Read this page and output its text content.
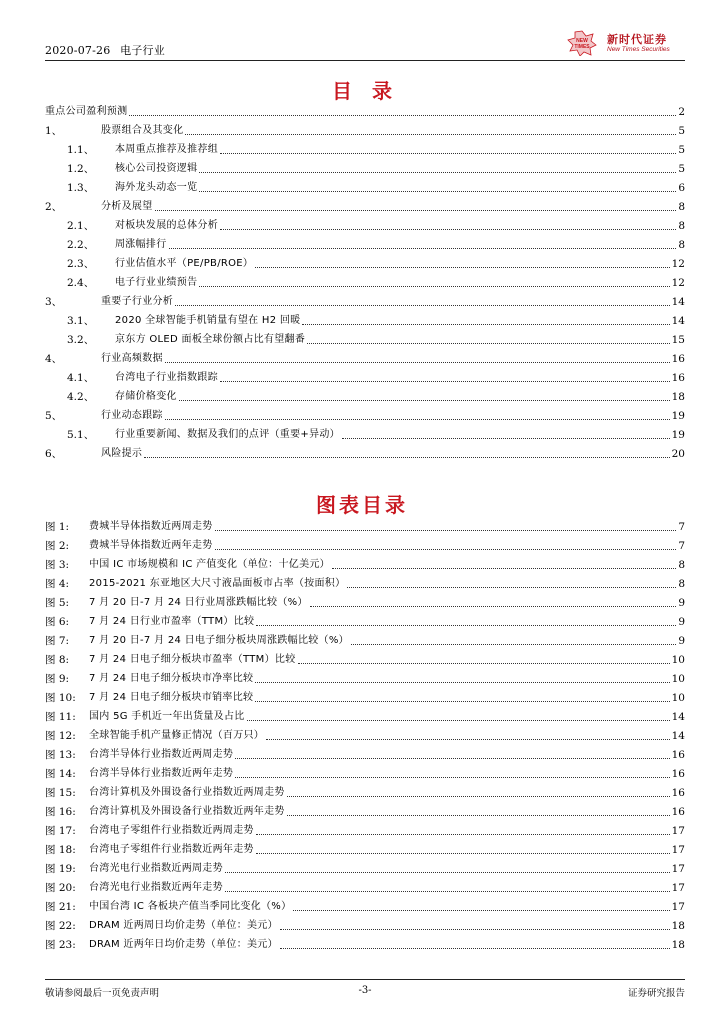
2020-07-26 电子行业
NEW
TIMES
新时代证券
New Times Securities
目录
重点公司盈利预测	2
1、	股票组合及其变化	5
1.1、	本周重点推荐及推荐组	5
1.2、	核心公司投资逻辑	5
1.3、	海外龙头动态一览	6
2、	分析及展望	8
2.1、	对板块发展的总体分析	8
2.2、	周涨幅排行	8
2.3、	行业估值水平（PE/PB/ROE）	12
2.4、	电子行业业绩预告	12
3、	重要子行业分析	14
3.1、	2020 全球智能手机销量有望在 H2 回暖	14
3.2、	京东方 OLED 面板全球份额占比有望翻番	15
4、	行业高频数据	16
4.1、	台湾电子行业指数跟踪	16
4.2、	存储价格变化	18
5、	行业动态跟踪	19
5.1、	行业重要新闻、数据及我们的点评（重要+异动）	19
6、	风险提示	20
图表目录
图 1:	费城半导体指数近两周走势	7
图 2:	费城半导体指数近两年走势	7
图 3:	中国 IC 市场规模和 IC 产值变化（单位：十亿美元）	8
图 4:	2015-2021 东亚地区大尺寸液晶面板市占率（按面积）	8
图 5:	7 月 20 日-7 月 24 日行业周涨跌幅比较（%）	9
图 6:	7 月 24 日行业市盈率（TTM）比较	9
图 7:	7 月 20 日-7 月 24 日电子细分板块周涨跌幅比较（%）	9
图 8:	7 月 24 日电子细分板块市盈率（TTM）比较	10
图 9:	7 月 24 日电子细分板块市净率比较	10
图 10:	7 月 24 日电子细分板块市销率比较	10
图 11:	国内 5G 手机近一年出货量及占比	14
图 12:	全球智能手机产量修正情况（百万只）	14
图 13:	台湾半导体行业指数近两周走势	16
图 14:	台湾半导体行业指数近两年走势	16
图 15:	台湾计算机及外围设备行业指数近两周走势	16
图 16:	台湾计算机及外围设备行业指数近两年走势	16
图 17:	台湾电子零组件行业指数近两周走势	17
图 18:	台湾电子零组件行业指数近两年走势	17
图 19:	台湾光电行业指数近两周走势	17
图 20:	台湾光电行业指数近两年走势	17
图 21:	中国台湾 IC 各板块产值当季同比变化（%）	17
图 22:	DRAM 近两周日均价走势（单位：美元）	18
图 23:	DRAM 近两年日均价走势（单位：美元）	18
敬请参阅最后一页免责声明	-3-	证券研究报告
